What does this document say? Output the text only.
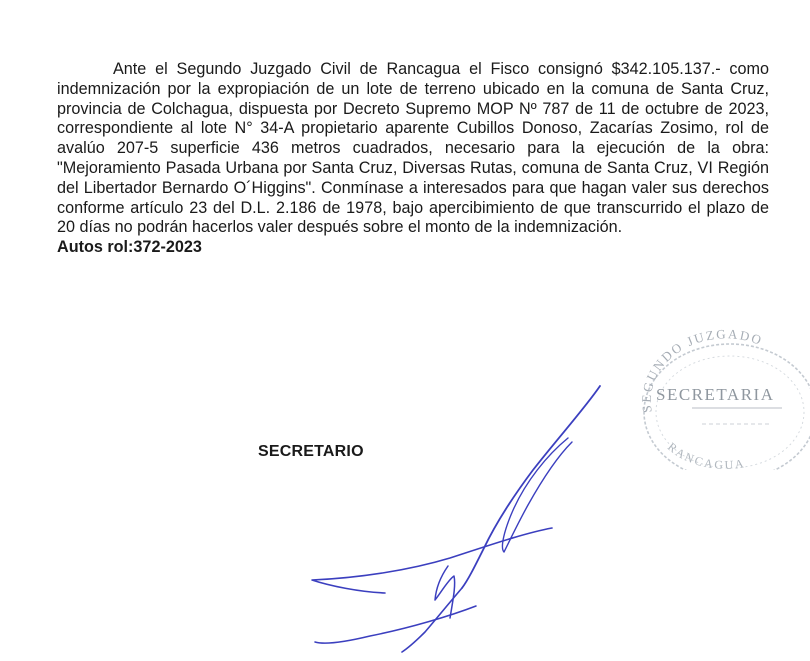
Ante el Segundo Juzgado Civil de Rancagua el Fisco consignó $342.105.137.- como indemnización por la expropiación de un lote de terreno ubicado en la comuna de Santa Cruz, provincia de Colchagua, dispuesta por Decreto Supremo MOP Nº 787 de 11 de octubre de 2023, correspondiente al lote N° 34-A propietario aparente Cubillos Donoso, Zacarías Zosimo, rol de avalúo 207-5 superficie 436 metros cuadrados, necesario para la ejecución de la obra: "Mejoramiento Pasada Urbana por Santa Cruz, Diversas Rutas, comuna de Santa Cruz, VI Región del Libertador Bernardo O´Higgins". Conmínase a interesados para que hagan valer sus derechos conforme artículo 23 del D.L. 2.186 de 1978, bajo apercibimiento de que transcurrido el plazo de 20 días no podrán hacerlos valer después sobre el monto de la indemnización.

Autos rol:372-2023
SECRETARIO
SEGUNDO JUZGADO
SECRETARIA
RANCAGUA
